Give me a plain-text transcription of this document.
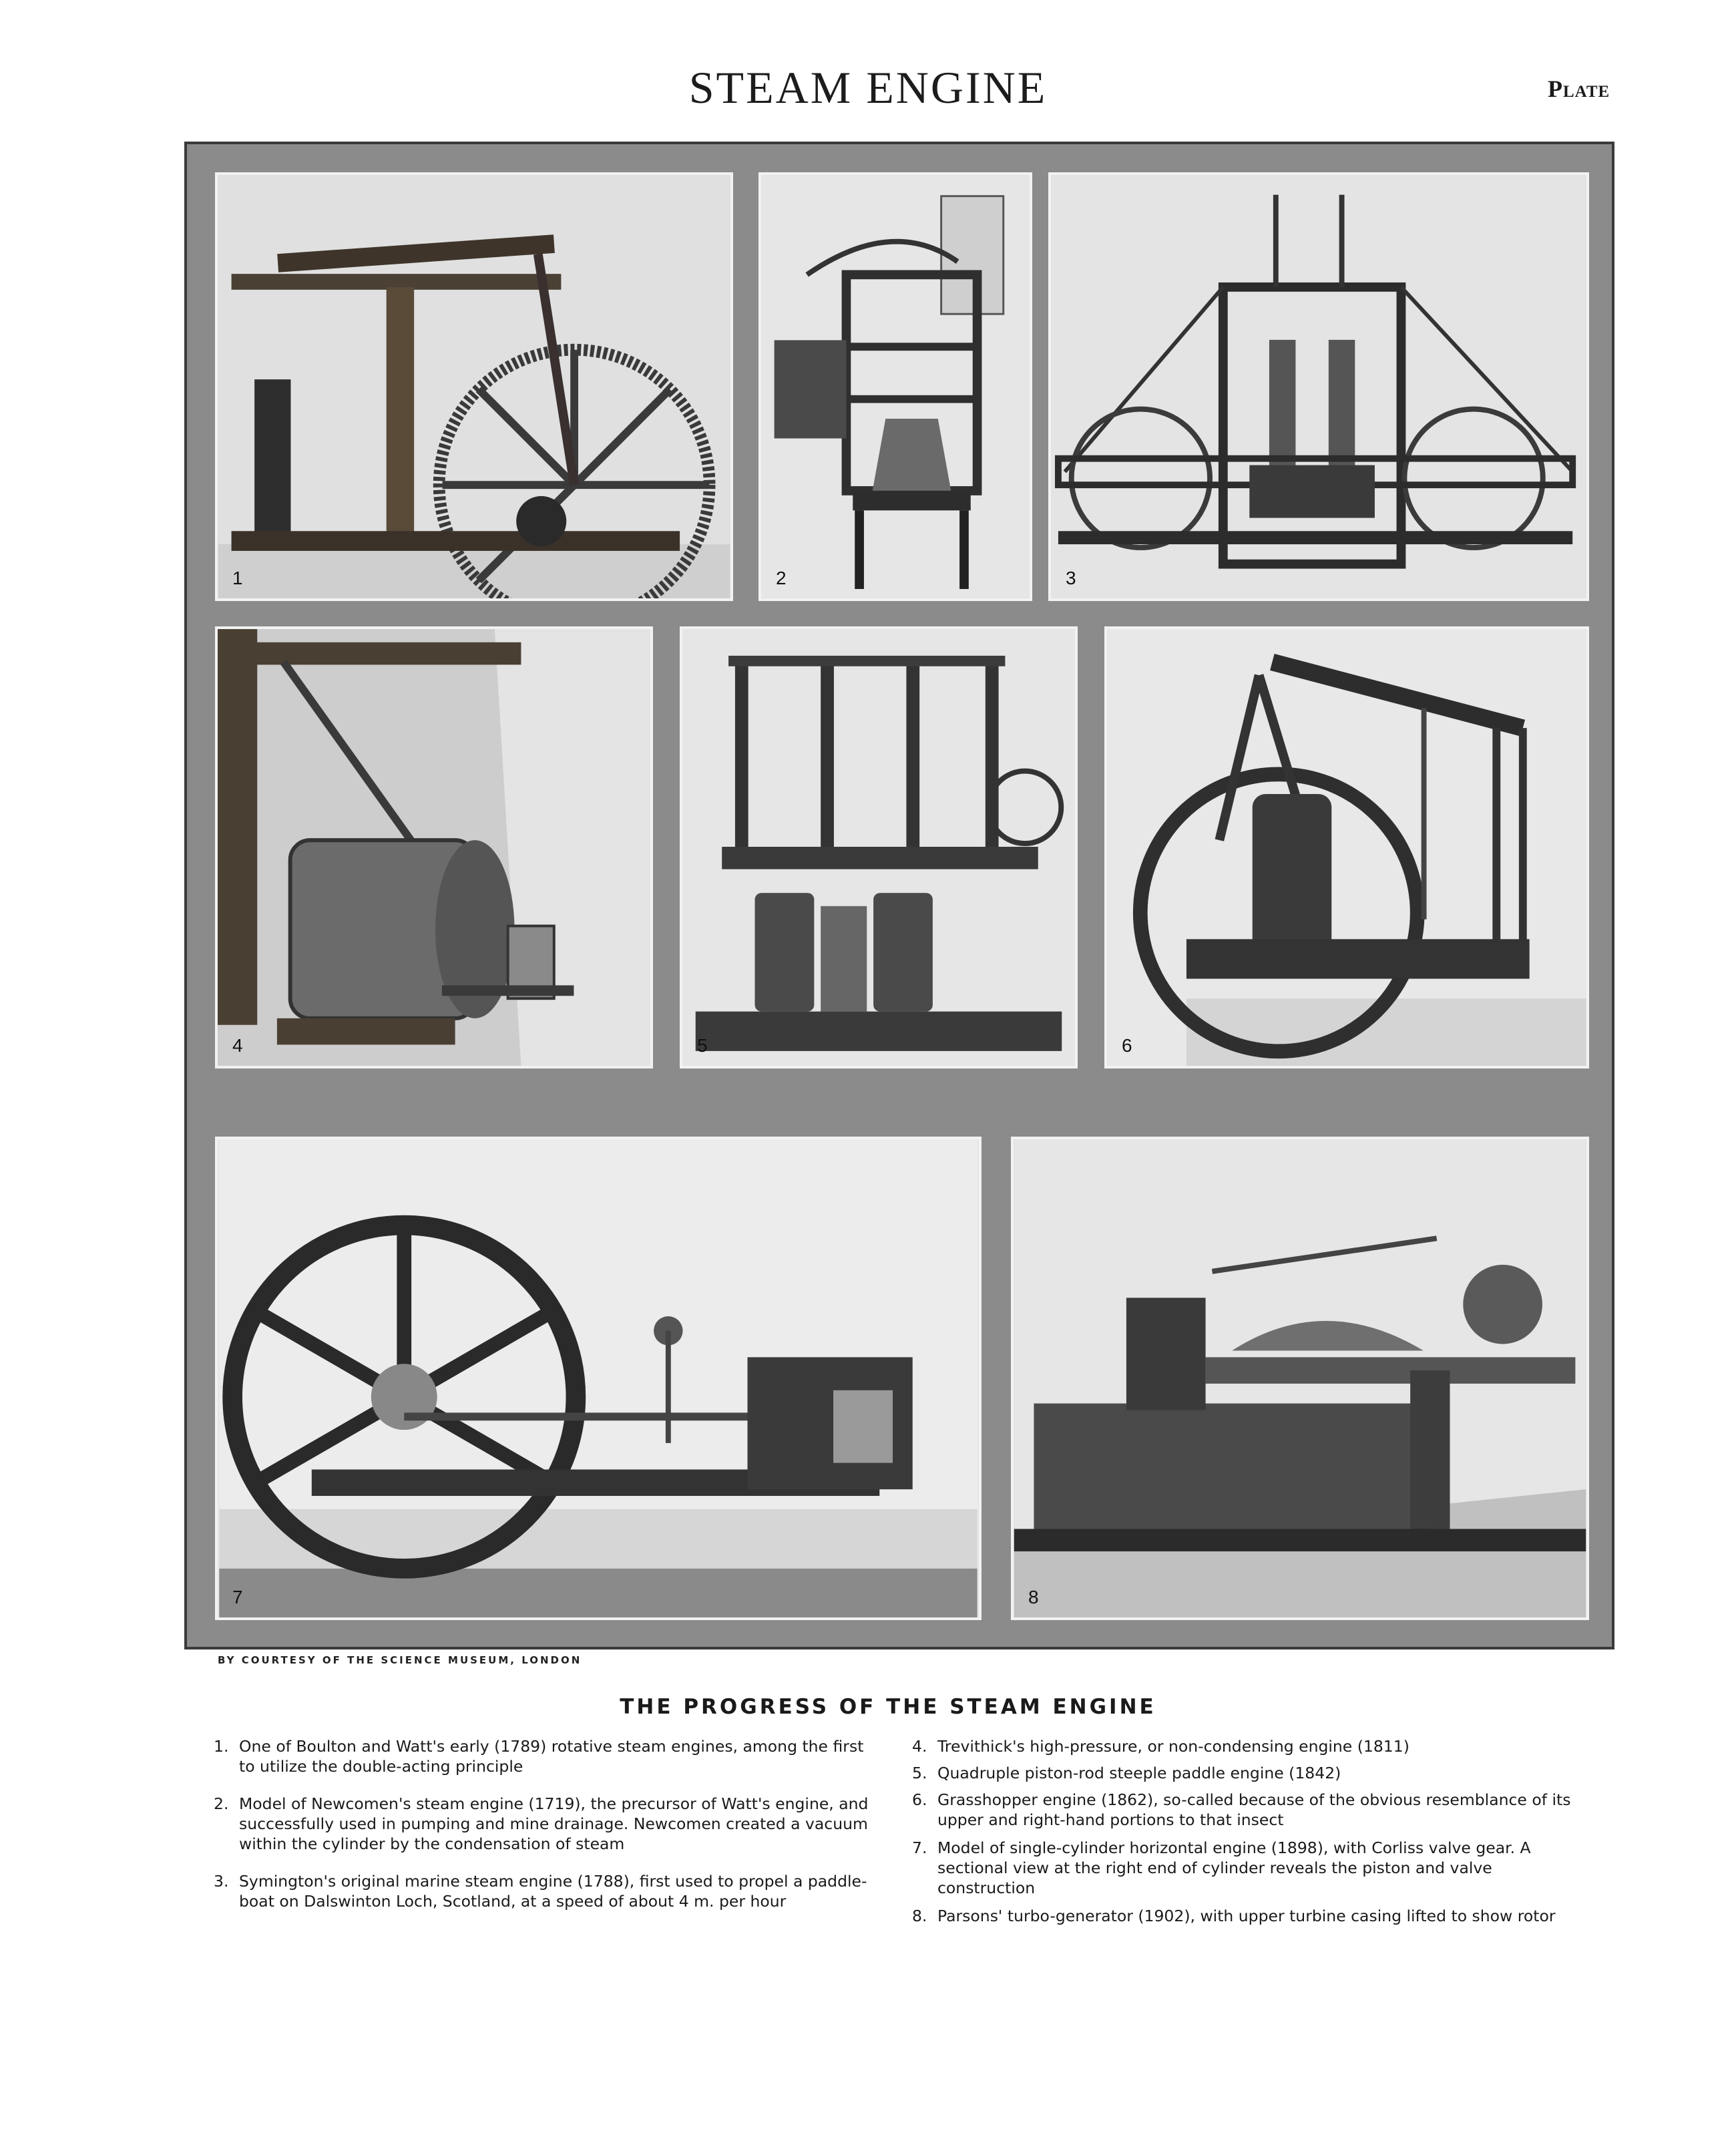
STEAM ENGINE	Plate
1	2	3
4	5	6
7	8
BY COURTESY OF THE SCIENCE MUSEUM, LONDON
THE PROGRESS OF THE STEAM ENGINE
1. One of Boulton and Watt's early (1789) rotative steam engines, among the first to utilize the double-acting principle
2. Model of Newcomen's steam engine (1719), the precursor of Watt's engine, and successfully used in pumping and mine drainage. Newcomen created a vacuum within the cylinder by the condensation of steam
3. Symington's original marine steam engine (1788), first used to propel a paddle-boat on Dalswinton Loch, Scotland, at a speed of about 4 m. per hour
4. Trevithick's high-pressure, or non-condensing engine (1811)
5. Quadruple piston-rod steeple paddle engine (1842)
6. Grasshopper engine (1862), so-called because of the obvious resemblance of its upper and right-hand portions to that insect
7. Model of single-cylinder horizontal engine (1898), with Corliss valve gear. A sectional view at the right end of cylinder reveals the piston and valve construction
8. Parsons' turbo-generator (1902), with upper turbine casing lifted to show rotor
